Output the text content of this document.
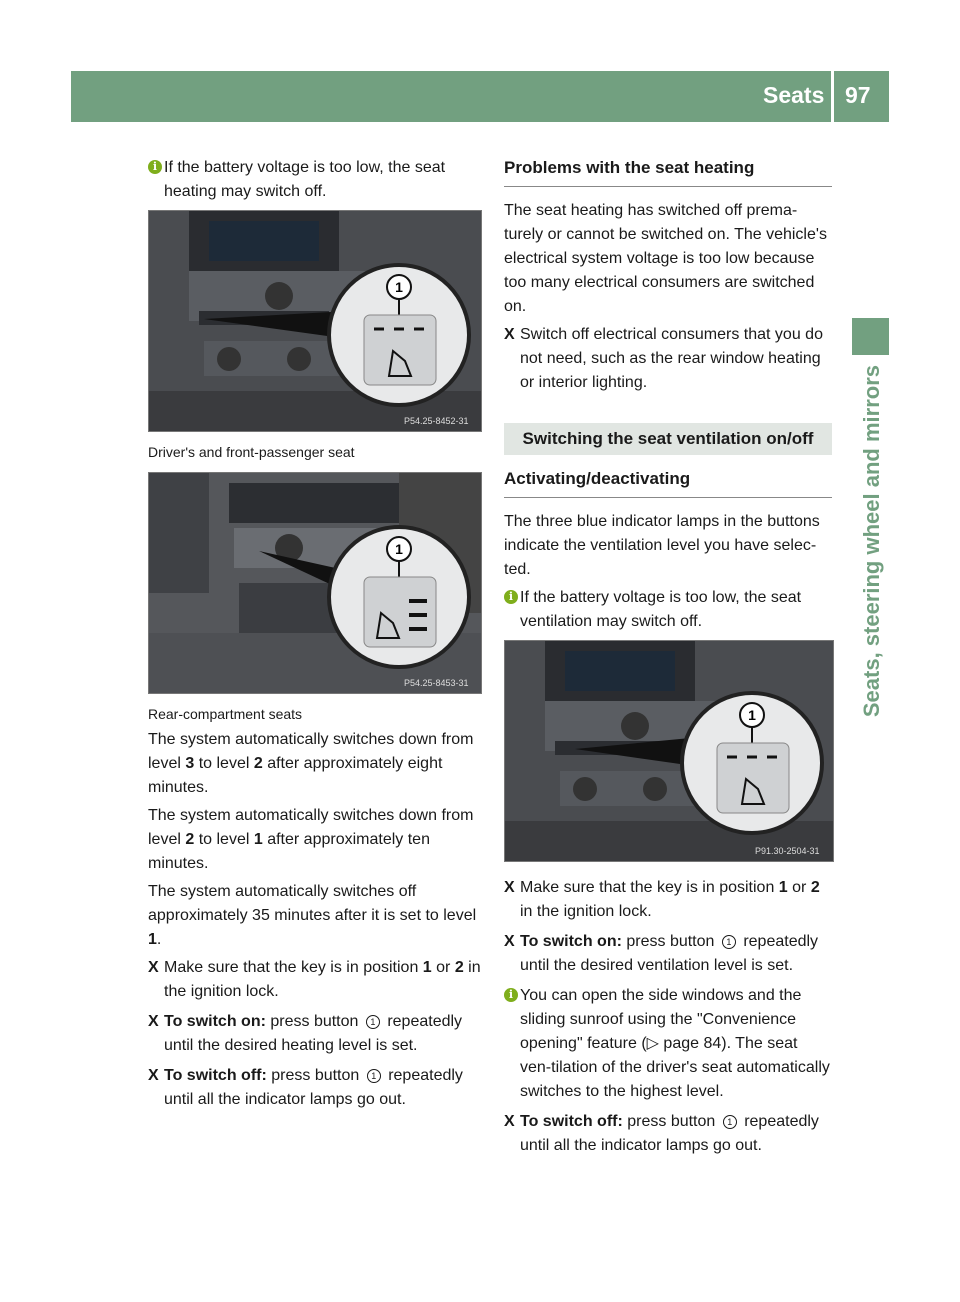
Seats 97
Seats, steering wheel and mirrors
i If the battery voltage is too low, the seat heating may switch off.
1
P54.25-8452-31
Driver's and front-passenger seat
1
P54.25-8453-31
Rear-compartment seats

The system automatically switches down from level 3 to level 2 after approximately eight minutes.

The system automatically switches down from level 2 to level 1 after approximately ten minutes.

The system automatically switches off approximately 35 minutes after it is set to level 1.

X Make sure that the key is in position 1 or 2 in the ignition lock.
X To switch on: press button 1 repeatedly until the desired heating level is set.
X To switch off: press button 1 repeatedly until all the indicator lamps go out.
Problems with the seat heating

The seat heating has switched off prema-turely or cannot be switched on. The vehicle's electrical system voltage is too low because too many electrical consumers are switched on.

X Switch off electrical consumers that you do not need, such as the rear window heating or interior lighting.
Switching the seat ventilation on/off
Activating/deactivating

The three blue indicator lamps in the buttons indicate the ventilation level you have selec-ted.

i If the battery voltage is too low, the seat ventilation may switch off.
1
P91.30-2504-31
X Make sure that the key is in position 1 or 2 in the ignition lock.
X To switch on: press button 1 repeatedly until the desired ventilation level is set.
i You can open the side windows and the sliding sunroof using the "Convenience opening" feature (▷ page 84). The seat ven-tilation of the driver's seat automatically switches to the highest level.
X To switch off: press button 1 repeatedly until all the indicator lamps go out.
